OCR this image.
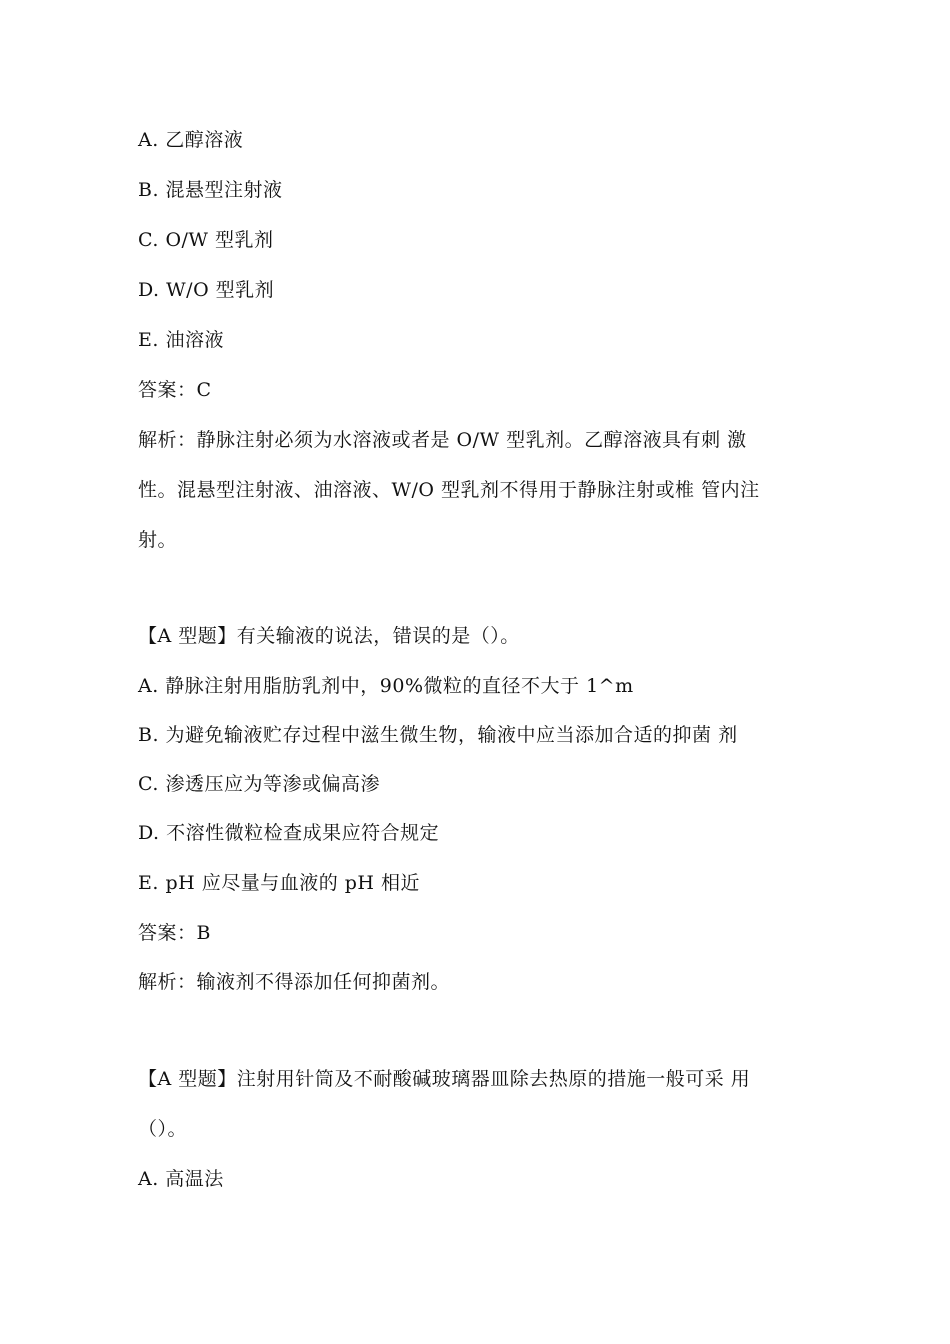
A. 乙醇溶液
B. 混悬型注射液
C. O/W 型乳剂
D. W/O 型乳剂
E. 油溶液
答案：C
解析：静脉注射必须为水溶液或者是 O/W 型乳剂。乙醇溶液具有刺 激
性。混悬型注射液、油溶液、W/O 型乳剂不得用于静脉注射或椎 管内注
射。
【A 型题】有关输液的说法，错误的是（）。
A. 静脉注射用脂肪乳剂中，90%微粒的直径不大于 1^m
B. 为避免输液贮存过程中滋生微生物，输液中应当添加合适的抑菌 剂
C. 渗透压应为等渗或偏高渗
D. 不溶性微粒检查成果应符合规定
E. pH 应尽量与血液的 pH 相近
答案：B
解析：输液剂不得添加任何抑菌剂。
【A 型题】注射用针筒及不耐酸碱玻璃器皿除去热原的措施一般可采 用
（）。
A. 高温法
